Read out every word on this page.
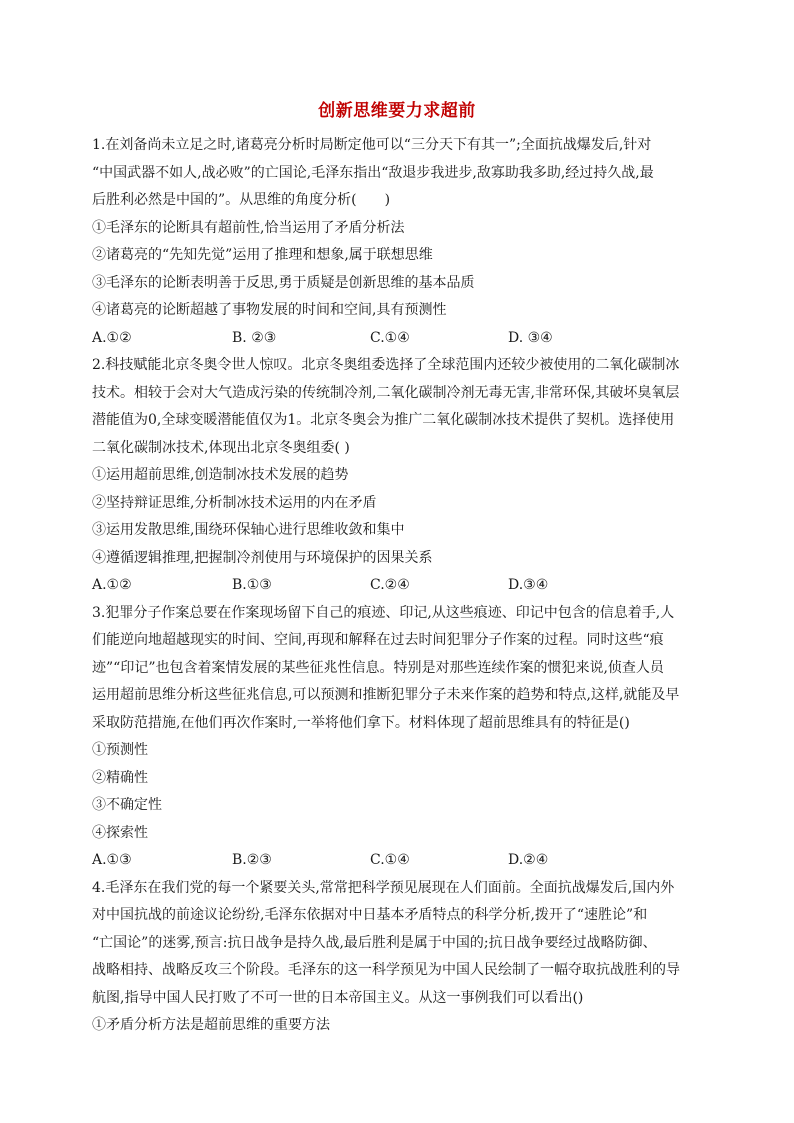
创新思维要力求超前
1.在刘备尚未立足之时,诸葛亮分析时局断定他可以“三分天下有其一”;全面抗战爆发后,针对
“中国武器不如人,战必败”的亡国论,毛泽东指出“敌退步我进步,敌寡助我多助,经过持久战,最
后胜利必然是中国的”。从思维的角度分析(　　)
①毛泽东的论断具有超前性,恰当运用了矛盾分析法
②诸葛亮的“先知先觉”运用了推理和想象,属于联想思维
③毛泽东的论断表明善于反思,勇于质疑是创新思维的基本品质
④诸葛亮的论断超越了事物发展的时间和空间,具有预测性
A.①②	B. ②③	C.①④	D. ③④
2.科技赋能北京冬奥令世人惊叹。北京冬奥组委选择了全球范围内还较少被使用的二氧化碳制冰
技术。相较于会对大气造成污染的传统制冷剂,二氧化碳制冷剂无毒无害,非常环保,其破坏臭氧层
潜能值为0,全球变暖潜能值仅为1。北京冬奥会为推广二氧化碳制冰技术提供了契机。选择使用
二氧化碳制冰技术,体现出北京冬奥组委( )
①运用超前思维,创造制冰技术发展的趋势
②坚持辩证思维,分析制冰技术运用的内在矛盾
③运用发散思维,围绕环保轴心进行思维收敛和集中
④遵循逻辑推理,把握制冷剂使用与环境保护的因果关系
A.①②	B.①③	C.②④	D.③④
3.犯罪分子作案总要在作案现场留下自己的痕迹、印记,从这些痕迹、印记中包含的信息着手,人
们能逆向地超越现实的时间、空间,再现和解释在过去时间犯罪分子作案的过程。同时这些“痕
迹”“印记”也包含着案情发展的某些征兆性信息。特别是对那些连续作案的惯犯来说,侦查人员
运用超前思维分析这些征兆信息,可以预测和推断犯罪分子未来作案的趋势和特点,这样,就能及早
采取防范措施,在他们再次作案时,一举将他们拿下。材料体现了超前思维具有的特征是()
①预测性
②精确性
③不确定性
④探索性
A.①③	B.②③	C.①④	D.②④
4.毛泽东在我们党的每一个紧要关头,常常把科学预见展现在人们面前。全面抗战爆发后,国内外
对中国抗战的前途议论纷纷,毛泽东依据对中日基本矛盾特点的科学分析,拨开了“速胜论”和
“亡国论”的迷雾,预言:抗日战争是持久战,最后胜利是属于中国的;抗日战争要经过战略防御、
战略相持、战略反攻三个阶段。毛泽东的这一科学预见为中国人民绘制了一幅夺取抗战胜利的导
航图,指导中国人民打败了不可一世的日本帝国主义。从这一事例我们可以看出()
①矛盾分析方法是超前思维的重要方法
